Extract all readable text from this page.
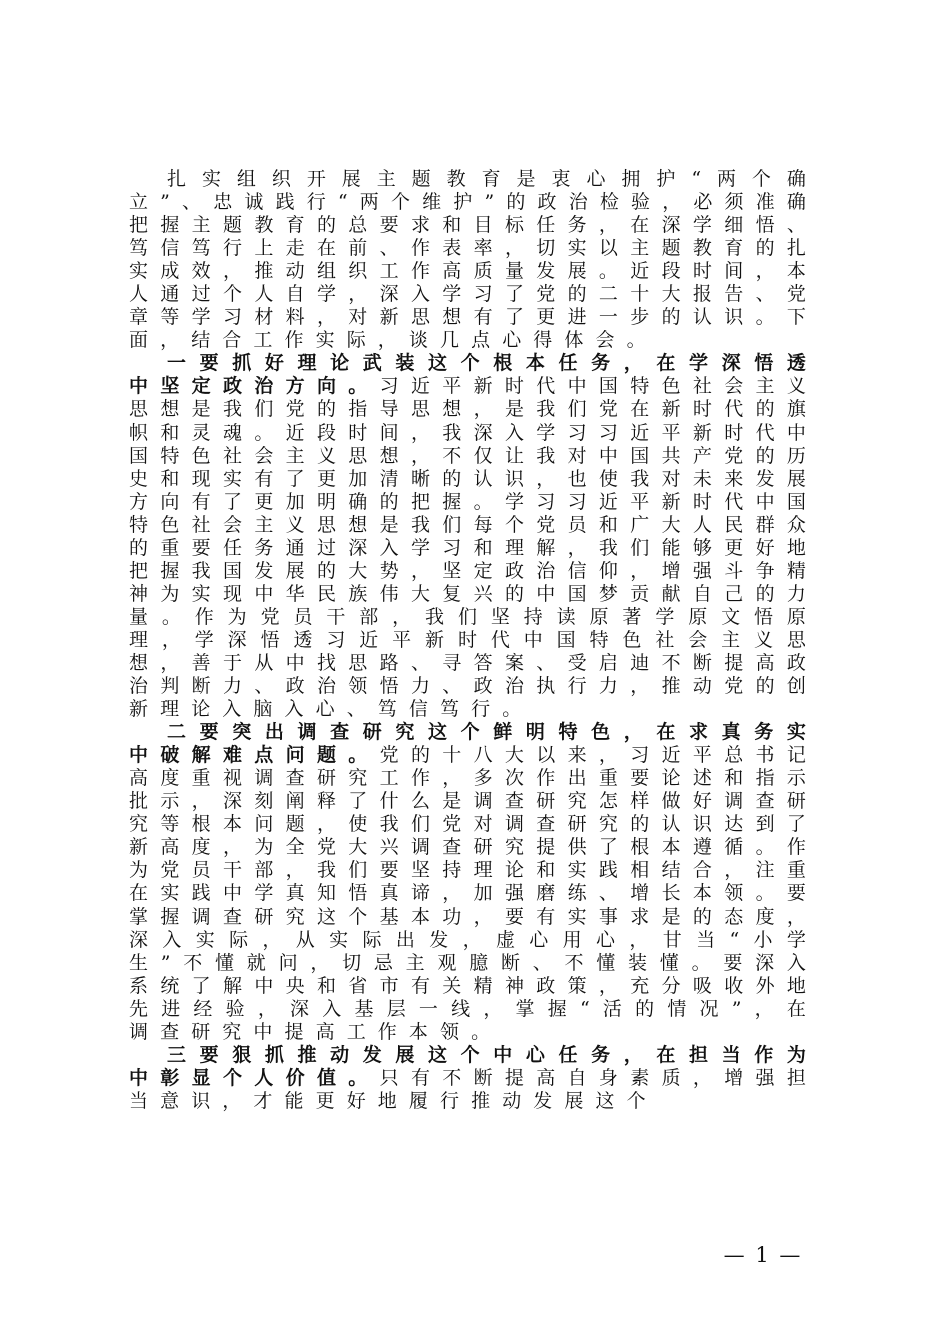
扎实组织开展主题教育是衷心拥护“两个确立”、忠诚践行“两个维护”的政治检验，必须准确把握主题教育的总要求和目标任务，在深学细悟、笃信笃行上走在前、作表率，切实以主题教育的扎实成效，推动组织工作高质量发展。近段时间，本人通过个人自学，深入学习了党的二十大报告、党章等学习材料，对新思想有了更进一步的认识。下面，结合工作实际，谈几点心得体会。

一要抓好理论武装这个根本任务，在学深悟透中坚定政治方向。习近平新时代中国特色社会主义思想是我们党的指导思想，是我们党在新时代的旗帜和灵魂。近段时间，我深入学习习近平新时代中国特色社会主义思想，不仅让我对中国共产党的历史和现实有了更加清晰的认识，也使我对未来发展方向有了更加明确的把握。学习习近平新时代中国特色社会主义思想是我们每个党员和广大人民群众的重要任务通过深入学习和理解，我们能够更好地把握我国发展的大势，坚定政治信仰，增强斗争精神为实现中华民族伟大复兴的中国梦贡献自己的力量。作为党员干部，我们坚持读原著学原文悟原理，学深悟透习近平新时代中国特色社会主义思想，善于从中找思路、寻答案、受启迪不断提高政治判断力、政治领悟力、政治执行力，推动党的创新理论入脑入心、笃信笃行。

二要突出调查研究这个鲜明特色，在求真务实中破解难点问题。党的十八大以来，习近平总书记高度重视调查研究工作，多次作出重要论述和指示批示，深刻阐释了什么是调查研究怎样做好调查研究等根本问题，使我们党对调查研究的认识达到了新高度，为全党大兴调查研究提供了根本遵循。作为党员干部，我们要坚持理论和实践相结合，注重在实践中学真知悟真谛，加强磨练、增长本领。要掌握调查研究这个基本功，要有实事求是的态度，深入实际，从实际出发，虚心用心，甘当“小学生”不懂就问，切忌主观臆断、不懂装懂。要深入系统了解中央和省市有关精神政策，充分吸收外地先进经验，深入基层一线，掌握“活的情况”，在调查研究中提高工作本领。

三要狠抓推动发展这个中心任务，在担当作为中彰显个人价值。只有不断提高自身素质，增强担当意识，才能更好地履行推动发展这个

— 1 —
